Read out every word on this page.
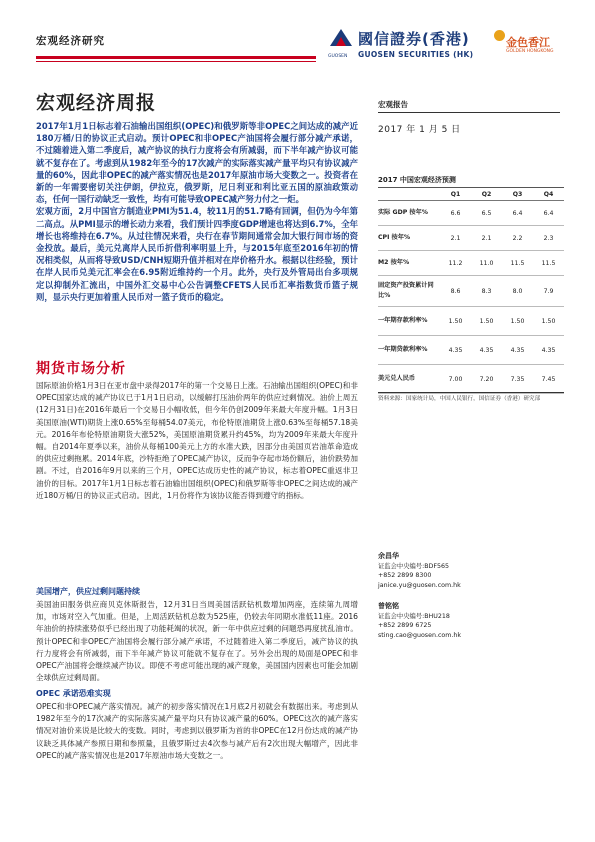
宏观经济研究	國信證券(香港)
GUOSEN SECURITIES (HK)
GUOSEN
金色香江
GOLDEN HONGKONG
宏观经济周报

2017年1月1日标志着石油输出国组织(OPEC)和俄罗斯等非OPEC之间达成的减产近180万桶/日的协议正式启动。预计OPEC和非OPEC产油国将会履行部分减产承诺，不过随着进入第二季度后，减产协议的执行力度将会有所减弱，而下半年减产协议可能就不复存在了。考虑到从1982年至今的17次减产的实际落实减产量平均只有协议减产量的60%，因此非OPEC的减产落实情况也是2017年原油市场大变数之一。投资者在新的一年需要密切关注伊朗，伊拉克，俄罗斯，尼日利亚和利比亚五国的原油政策动态，任何一国行动缺乏一致性，均有可能导致OPEC减产努力付之一炬。

宏观方面，2月中国官方制造业PMI为51.4，较11月的51.7略有回调，但仍为今年第二高点。从PMI显示的增长动力来看，我们预计四季度GDP增速也将达到6.7%，全年增长也将维持在6.7%。从过往情况来看，央行在春节期间通常会加大银行间市场的资金投放。最后，美元兑离岸人民币折借利率明显上升，与2015年底至2016年初的情况相类似，从而将导致USD/CNH短期升值并相对在岸价格升水。根据以往经验，预计在岸人民币兑美元汇率会在6.95附近维持约一个月。此外，央行及外管局出台多项规定以抑制外汇流出，中国外汇交易中心公告调整CFETS人民币汇率指数货币篮子规则，显示央行更加着重人民币对一篮子货币的稳定。

宏观报告
2017 年 1 月 5 日
2017 中国宏观经济预测
	Q1	Q2	Q3	Q4
实际 GDP 按年%	6.6	6.5	6.4	6.4
CPI 按年%	2.1	2.1	2.2	2.3
M2 按年%	11.2	11.0	11.5	11.5
固定资产投资累计同比%	8.6	8.3	8.0	7.9
一年期存款利率%	1.50	1.50	1.50	1.50
一年期贷款利率%	4.35	4.35	4.35	4.35
美元兑人民币	7.00	7.20	7.35	7.45
资料来源：国家统计局，中国人民银行，国信证券（香港）研究部
期货市场分析
国际原油价格1月3日在亚市盘中录得2017年的第一个交易日上涨。石油输出国组织(OPEC)和非OPEC国家达成的减产协议已于1月1日启动，以缓解打压油价两年的供应过剩情况。油价上周五(12月31日)在2016年最后一个交易日小幅收低，但今年仍创2009年来最大年度升幅。1月3日美国原油(WTI)期货上涨0.65%至每桶54.07美元，布伦特原油期货上涨0.63%至每桶57.18美元。2016年布伦特原油期货大涨52%，美国原油期货累升约45%，均为2009年来最大年度升幅。自2014年夏季以来，油价从每桶100美元上方的水准大跌，因部分由美国页岩油革命造成的供应过剩拖累。2014年底，沙特拒绝了OPEC减产协议，反而争夺起市场份额后，油价跌势加剧。不过，自2016年9月以来的三个月，OPEC达成历史性的减产协议，标志着OPEC重返非卫油价的目标。2017年1月1日标志着石油输出国组织(OPEC)和俄罗斯等非OPEC之间达成的减产近180万桶/日的协议正式启动。因此，1月份将作为该协议能否得到遵守的指标。
美国增产，供应过剩问题持续
美国油田服务供应商贝克休斯报告，12月31日当周美国活跃钻机数增加两座，连续第九周增加，市场对空入气加重。但是，上周活跃钻机总数为525座，仍较去年同期水准低11座。2016年油价的持续涨势似乎已经出现了功能耗竭的状况，新一年中供应过剩的问题恐再度扰乱油市。预计OPEC和非OPEC产油国将会履行部分减产承诺，不过随着进入第二季度后，减产协议的执行力度将会有所减弱，而下半年减产协议可能就不复存在了。另外会出现的局面是OPEC和非OPEC产油国将会继续减产协议。即使不考虑可能出现的减产现象，美国国内因素也可能会加剧全球供应过剩局面。
OPEC 承诺恐难实现
OPEC和非OPEC减产落实情况。减产的初步落实情况在1月底2月初就会有数据出来。考虑到从1982年至今的17次减产的实际落实减产量平均只有协议减产量的60%。OPEC这次的减产落实情况对油价来说是比较大的变数。同时，考虑到以俄罗斯为首的非OPEC在12月份达成的减产协议缺乏具体减产参照日期和参照量，且俄罗斯过去4次参与减产后有2次出现大幅增产，因此非OPEC的减产落实情况也是2017年原油市场大变数之一。
余昌华
证监会中央编号:BDF565
+852 2899 8300
janice.yu@guosen.com.hk
曾铭铭
证监会中央编号:BHU218
+852 2899 6725
sting.cao@guosen.com.hk
